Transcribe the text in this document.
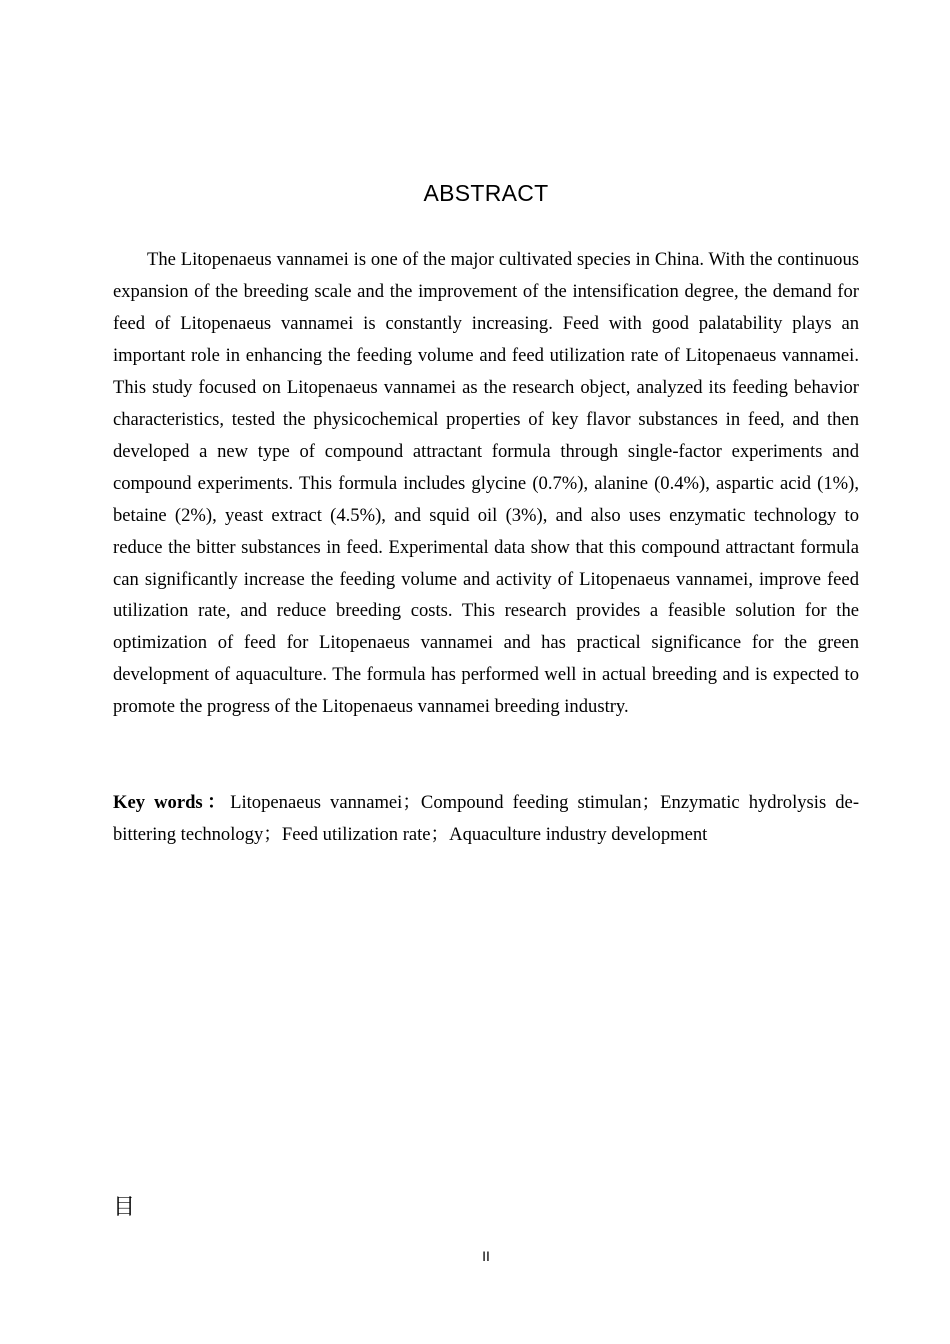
ABSTRACT

The Litopenaeus vannamei is one of the major cultivated species in China. With the continuous expansion of the breeding scale and the improvement of the intensification degree, the demand for feed of Litopenaeus vannamei is constantly increasing. Feed with good palatability plays an important role in enhancing the feeding volume and feed utilization rate of Litopenaeus vannamei. This study focused on Litopenaeus vannamei as the research object, analyzed its feeding behavior characteristics, tested the physicochemical properties of key flavor substances in feed, and then developed a new type of compound attractant formula through single-factor experiments and compound experiments. This formula includes glycine (0.7%), alanine (0.4%), aspartic acid (1%), betaine (2%), yeast extract (4.5%), and squid oil (3%), and also uses enzymatic technology to reduce the bitter substances in feed. Experimental data show that this compound attractant formula can significantly increase the feeding volume and activity of Litopenaeus vannamei, improve feed utilization rate, and reduce breeding costs. This research provides a feasible solution for the optimization of feed for Litopenaeus vannamei and has practical significance for the green development of aquaculture. The formula has performed well in actual breeding and is expected to promote the progress of the Litopenaeus vannamei breeding industry.

Key words：Litopenaeus vannamei；Compound feeding stimulan；Enzymatic hydrolysis de-bittering technology；Feed utilization rate；Aquaculture industry development

目
II
